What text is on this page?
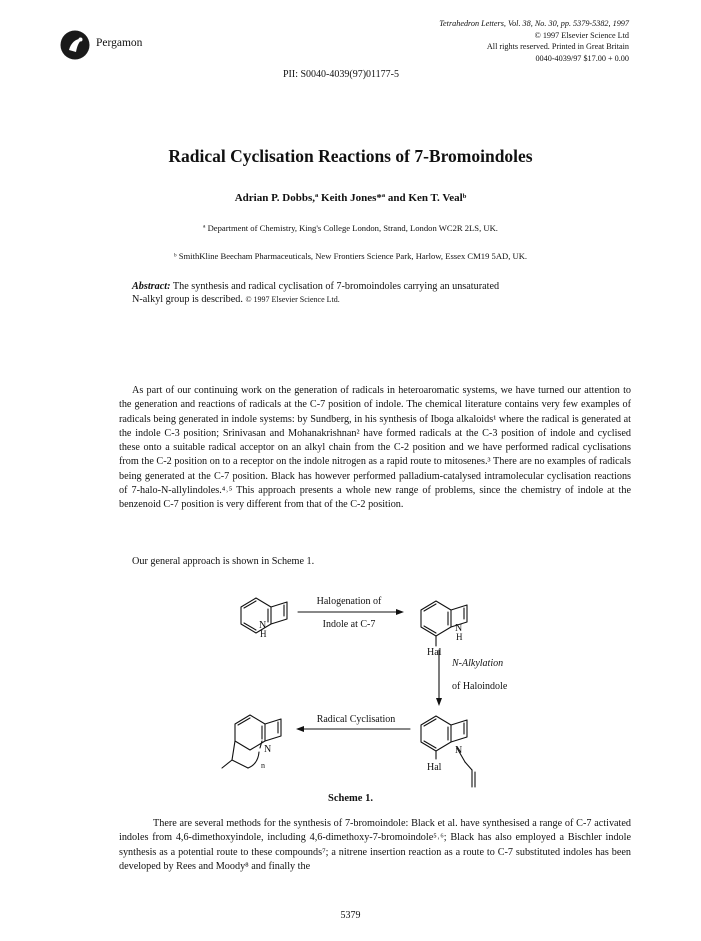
Pergamon
Tetrahedron Letters, Vol. 38, No. 30, pp. 5379-5382, 1997
© 1997 Elsevier Science Ltd
All rights reserved. Printed in Great Britain
0040-4039/97 $17.00 + 0.00
PII: S0040-4039(97)01177-5
Radical Cyclisation Reactions of 7-Bromoindoles
Adrian P. Dobbs,ª Keith Jones*ª and Ken T. Vealᵇ
ª Department of Chemistry, King's College London, Strand, London WC2R 2LS, UK.
ᵇ SmithKline Beecham Pharmaceuticals, New Frontiers Science Park, Harlow, Essex CM19 5AD, UK.
Abstract: The synthesis and radical cyclisation of 7-bromoindoles carrying an unsaturated N-alkyl group is described. © 1997 Elsevier Science Ltd.
As part of our continuing work on the generation of radicals in heteroaromatic systems, we have turned our attention to the generation and reactions of radicals at the C-7 position of indole. The chemical literature contains very few examples of radicals being generated in indole systems: by Sundberg, in his synthesis of Iboga alkaloids¹ where the radical is generated at the indole C-3 position; Srinivasan and Mohanakrishnan² have formed radicals at the C-3 position of indole and cyclised these onto a suitable radical acceptor on an alkyl chain from the C-2 position and we have performed radical cyclisations from the C-2 position on to a receptor on the indole nitrogen as a rapid route to mitosenes.³ There are no examples of radicals being generated at the C-7 position. Black has however performed palladium-catalysed intramolecular cyclisation reactions of 7-halo-N-allylindoles.⁴˒⁵ This approach presents a whole new range of problems, since the chemistry of indole at the benzenoid C-7 position is very different from that of the C-2 position.
Our general approach is shown in Scheme 1.
Halogenation of
Indole at C-7
N-Alkylation
of Haloindole
Radical Cyclisation
N
H	N
H
Hal
N
n
N
Hal
Scheme 1.
There are several methods for the synthesis of 7-bromoindole: Black et al. have synthesised a range of C-7 activated indoles from 4,6-dimethoxyindole, including 4,6-dimethoxy-7-bromoindole⁵˒⁶; Black has also employed a Bischler indole synthesis as a potential route to these compounds⁷; a nitrene insertion reaction as a route to C-7 substituted indoles has been developed by Rees and Moody⁸ and finally the
5379
